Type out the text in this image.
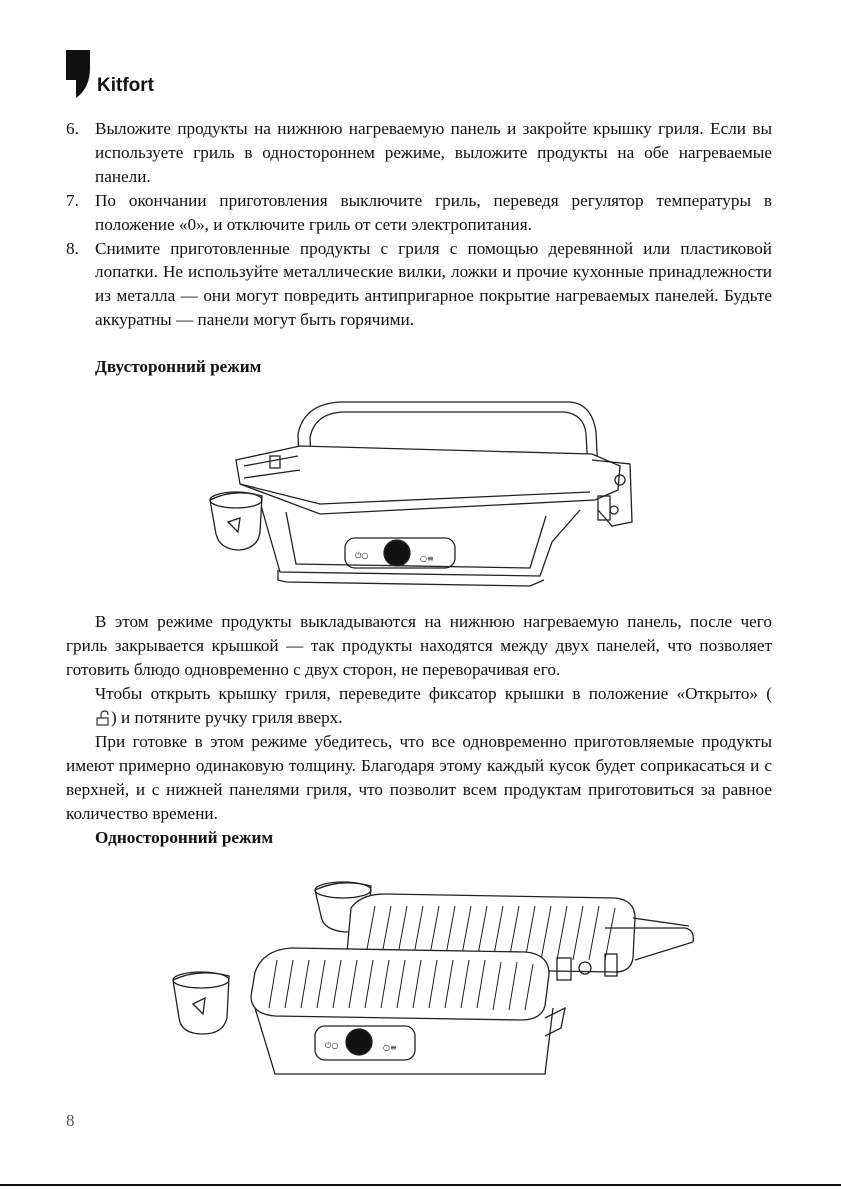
Kitfort
6. Выложите продукты на нижнюю нагреваемую панель и закройте крышку гриля. Если вы используете гриль в одностороннем режиме, выложите продукты на обе нагреваемые панели.
7. По окончании приготовления выключите гриль, переведя регулятор температуры в положение «0», и отключите гриль от сети электропитания.
8. Снимите приготовленные продукты с гриля с помощью деревянной или пластиковой лопатки. Не используйте металлические вилки, ложки и прочие кухонные принадлежности из металла — они могут повредить антипригарное покрытие нагреваемых панелей. Будьте аккуратны — панели могут быть горячими.
Двусторонний режим
⏻○	○≡

В этом режиме продукты выкладываются на нижнюю нагреваемую панель, после чего гриль закрывается крышкой — так продукты находятся между двух панелей, что позволяет готовить блюдо одновременно с двух сторон, не переворачивая его.

Чтобы открыть крышку гриля, переведите фиксатор крышки в положение «Открыто» () и потяните ручку гриля вверх.

При готовке в этом режиме убедитесь, что все одновременно приготовляемые продукты имеют примерно одинаковую толщину. Благодаря этому каждый кусок будет соприкасаться и с верхней, и с нижней панелями гриля, что позволит всем продуктам приготовиться за равное количество времени.

Односторонний режим
⏻○	○≡
8
